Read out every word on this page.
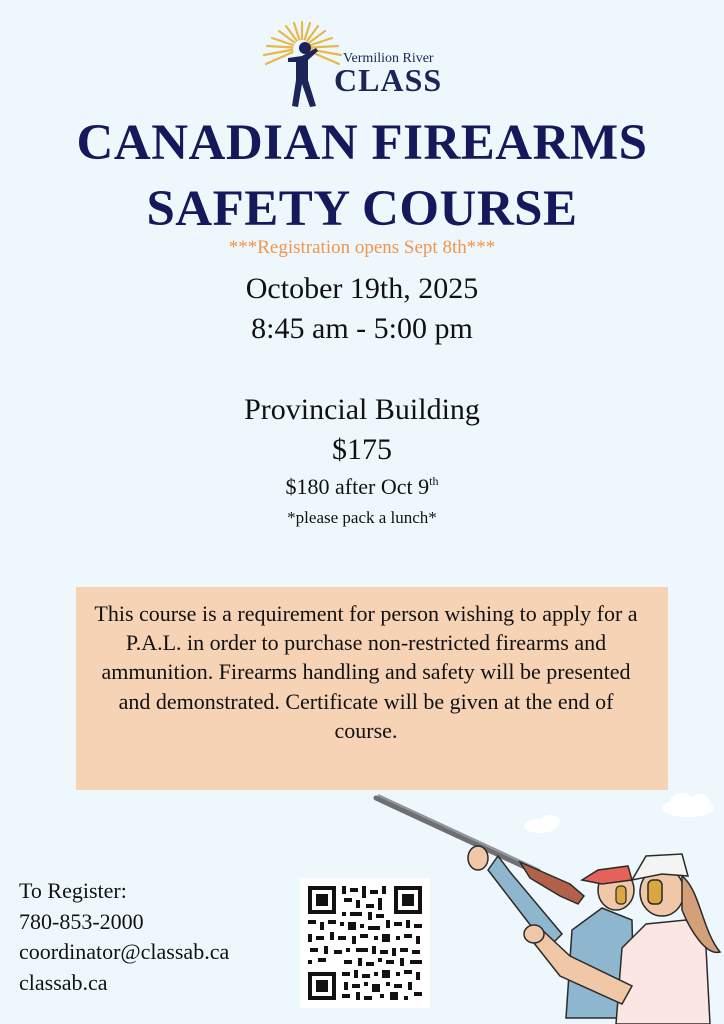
Vermilion River
CLASS
CANADIAN FIREARMS
SAFETY COURSE
***Registration opens Sept 8th***
October 19th, 2025
8:45 am - 5:00 pm
Provincial Building
$175
$180 after Oct 9th
*please pack a lunch*
This course is a requirement for person wishing to apply for a P.A.L. in order to purchase non-restricted firearms and ammunition. Firearms handling and safety will be presented and demonstrated. Certificate will be given at the end of course.
To Register:
780-853-2000
coordinator@classab.ca
classab.ca
